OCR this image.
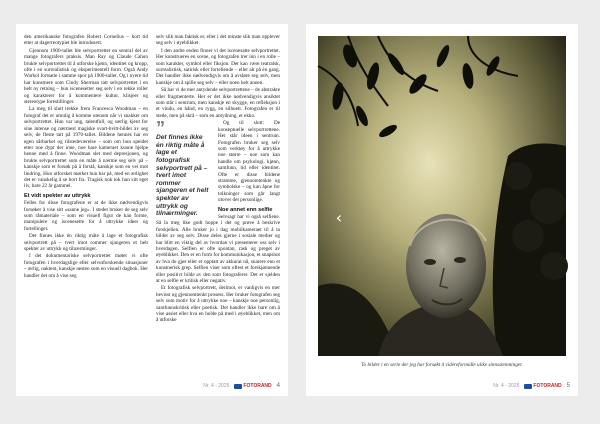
den amerikanske fotografen Robert Cornelius – kort tid etter at dagerreotypiet ble introdusert.

Gjennom 1900-tallet ble selvportrettet en sentral del av mange fotografers praksis. Man Ray og Claude Cahun brukte selvportrettet til å utforske kjønn, identitet og kropp, ofte i en surrealistisk og eksperimentell form. Også Andy Warhol fortsatte i samme spor på 1900-tallet. Og i nyere tid har kunstnere som Cindy Sherman tatt selvportrettet i en helt ny retning – hun iscenesetter seg selv i en rekke roller og karakterer for å kommentere kultur, klisjeer og stereotype forestillinger.

La meg til slutt trekke frem Francesca Woodman – en fotograf det er umulig å komme utenom når vi snakker om selvportrettet. Hun var ung, talentfull, og særlig kjent for sine intense og nærmest magiske svart-hvitt-bilder av seg selv, de fleste tatt på 1970-tallet. Bildene hennes har en egen sårbarhet og tilstedeværelse – som om hun speidet etter noe dypt der inne, noe bare kameraet kunne hjelpe henne med å finne. Woodman slet med depresjonen, og brukte selvportrettet som en måte å nærme seg selv på – kanskje som et forsøk på å forstå, kanskje som en vei mot lindring. Hun utforsket mørket hun bar på, med en ærlighet det er vanskelig å se bort fra. Tragisk nok tok hun sitt eget liv, bare 22 år gammel.

Et vidt spekter av uttrykk

Felles for disse fotografene er at de ikke nødvendigvis forsøker å vise sitt «sanne jeg». I stedet bruker de seg selv som råmateriale – som en visuell figur de kan forme, manipulere og iscenesette for å uttrykke ideer og fortellinger.

Det finnes ikke én riktig måte å lage et fotografisk selvportrett på – tvert imot rommer sjangeren et helt spekter av uttrykk og tilnærminger.

I det dokumentariske selvportrettet møter vi ofte fotografen i hverdagslige eller selvutforskende situasjoner – ærlig, naktent, kanskje nesten som en visuell dagbok. Her handler det om å vise seg

selv slik man faktisk er, eller i det minste slik man opplever seg selv i øyeblikket.

I den andre enden finner vi det iscenesatte selvportrettet. Her konstrueres en scene, og fotografen trer inn i en rolle – som karakter, symbol eller fiksjon. Det kan være teatralsk, surrealistisk, satirisk eller fortellende – eller alt på én gang. Det handler ikke nødvendigvis om å avsløre seg selv, men kanskje om å spille seg selv – eller noen helt annen.

Så har vi de mer antydende selvportrettene – de abstrakte eller fragmenterte. Her er det ikke nødvendigvis ansiktet som står i sentrum, men kanskje en skygge, en refleksjon i et vindu, en hånd, en rygg, en silhuett. Fotografen er til stede, men på skrå – som en antydning, et ekko.

”
Det finnes ikke én riktig måte å lage et fotografisk selvportrett på – tvert imot rommer sjangeren et helt spekter av uttrykk og tilnærminger.

Og til slutt: De konseptuelle selvportrettene. Her står ideen i sentrum. Fotografen bruker seg selv som verktøy for å uttrykke noe større – noe som kan handle om psykologi, kjønn, samfunn, tid eller identitet. Ofte er disse bildene stramme, gjennomtenkte og symbolske – og kan åpne for tolkninger som går langt utover det personlige.

Noe annet enn selfie

Selvsagt har vi også selfiene. Så la meg like godt hoppe i det og prøve å beskrive forskjellen. Alle bruker jo i dag mobilkameraet til å ta bilder av seg selv. Disse deles gjerne i sosiale medier og har blitt en viktig del av hvordan vi presenterer oss selv i hverdagen. Selfien er ofte spontan, rask og preget av øyeblikket. Den er en form for kommunikasjon, et snapshot av hva du gjør eller er opptatt av akkurat nå, snarere enn et kunstnerisk grep. Selfien viser som oftest et forskjønnende eller positivt bilde av den som fotograferer. Det er sjelden at en selfie er kritisk eller negativ.

Et fotografisk selvportrett, derimot, er vanligvis en mer bevisst og gjennomtenkt prosess. Her bruker fotografen seg selv som motiv for å uttrykke noe – kanskje noe personlig, samfunnskritisk eller poetisk. Det handler ikke bare om å vise assiet eller hva en holde på med i øyeblikket, men om å utforske

Nr. 4 - 2025	FOTORAND 4
‹	›
To bilder i en serie der jeg har forsøkt å videreformidle ulike sinnsstemninger.
Nr. 4 - 2025	FOTORAND 5
